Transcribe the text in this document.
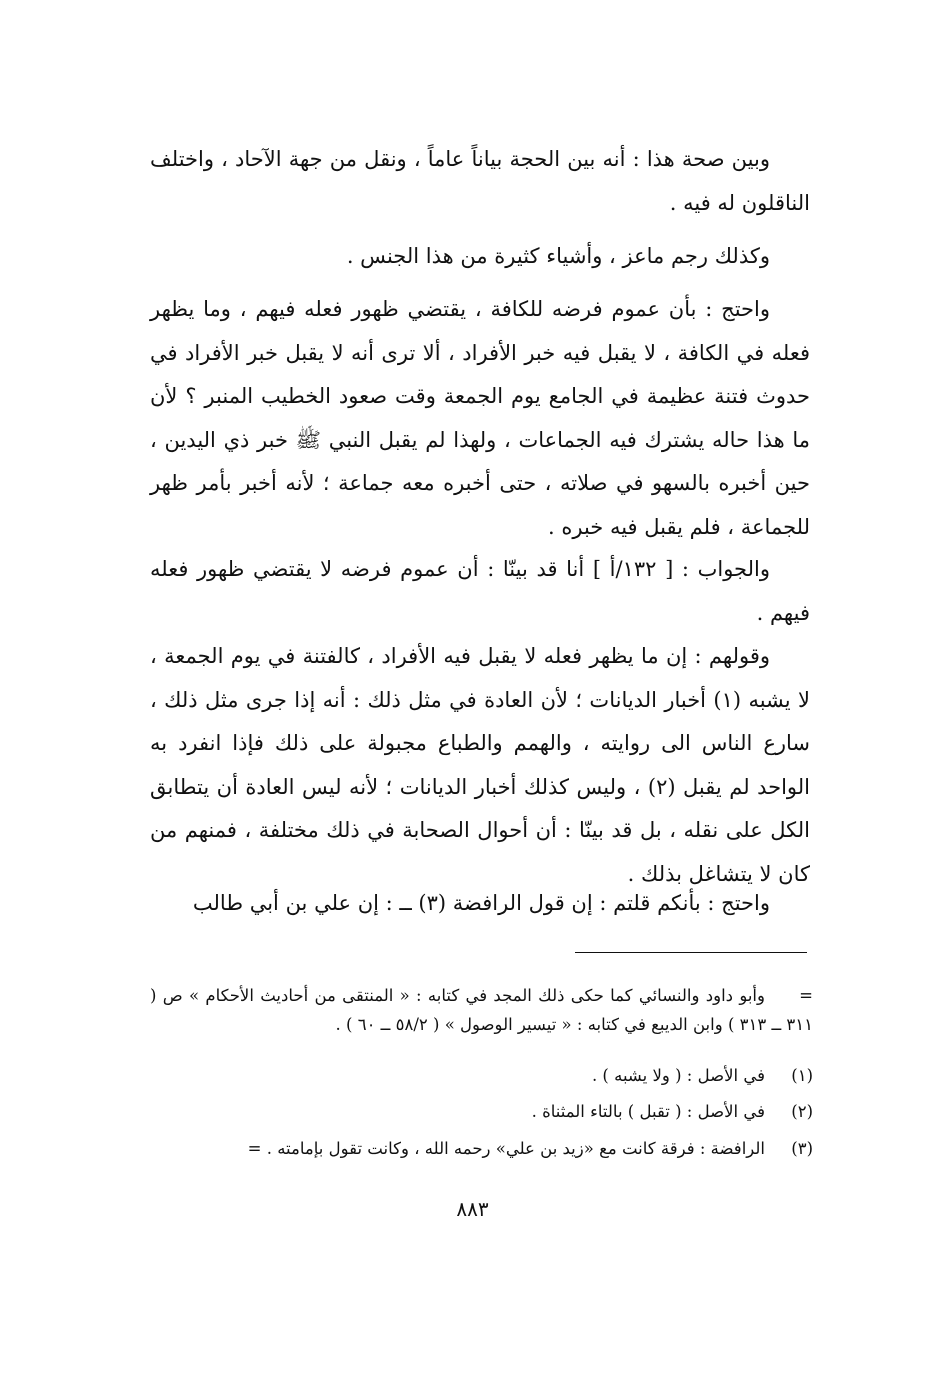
وبين صحة هذا : أنه بين الحجة بياناً عاماً ، ونقل من جهة الآحاد ، واختلف الناقلون له فيه .

وكذلك رجم ماعز ، وأشياء كثيرة من هذا الجنس .

واحتج : بأن عموم فرضه للكافة ، يقتضي ظهور فعله فيهم ، وما يظهر فعله في الكافة ، لا يقبل فيه خبر الأفراد ، ألا ترى أنه لا يقبل خبر الأفراد في حدوث فتنة عظيمة في الجامع يوم الجمعة وقت صعود الخطيب المنبر ؟ لأن ما هذا حاله يشترك فيه الجماعات ، ولهذا لم يقبل النبي ﷺ خبر ذي اليدين ، حين أخبره بالسهو في صلاته ، حتى أخبره معه جماعة ؛ لأنه أخبر بأمر ظهر للجماعة ، فلم يقبل فيه خبره .

والجواب : [ ١٣٢/أ ] أنا قد بينّا : أن عموم فرضه لا يقتضي ظهور فعله فيهم .

وقولهم : إن ما يظهر فعله لا يقبل فيه الأفراد ، كالفتنة في يوم الجمعة ، لا يشبه (١) أخبار الديانات ؛ لأن العادة في مثل ذلك : أنه إذا جرى مثل ذلك ، سارع الناس الى روايته ، والهمم والطباع مجبولة على ذلك فإذا انفرد به الواحد لم يقبل (٢) ، وليس كذلك أخبار الديانات ؛ لأنه ليس العادة أن يتطابق الكل على نقله ، بل قد بينّا : أن أحوال الصحابة في ذلك مختلفة ، فمنهم من كان لا يتشاغل بذلك .

واحتج : بأنكم قلتم : إن قول الرافضة (٣) ــ : إن علي بن أبي طالب

=وأبو داود والنسائي كما حكى ذلك المجد في كتابه : « المنتقى من أحاديث الأحكام » ص ( ٣١١ ــ ٣١٣ ) وابن الديبع في كتابه : « تيسير الوصول » ( ٥٨/٢ ــ ٦٠ ) .

(١)في الأصل : ( ولا يشبه ) .

(٢)في الأصل : ( تقبل ) بالتاء المثناة .

(٣)الرافضة : فرقة كانت مع «زيد بن علي» رحمه الله ، وكانت تقول بإمامته . =

٨٨٣
